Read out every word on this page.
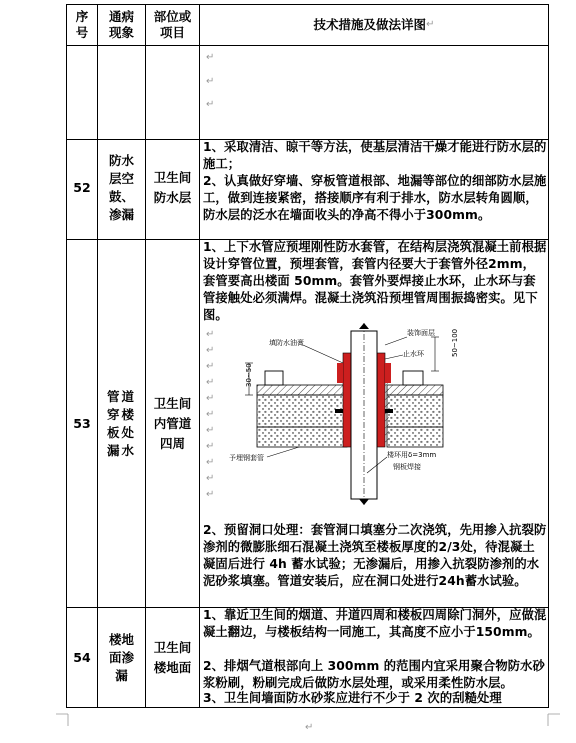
序号
通病现象
部位或项目
技术措施及做法详图 ↵
↵
↵
↵
52
防水层空鼓、渗漏
卫生间防水层
1、采取清洁、晾干等方法，使基层清洁干燥才能进行防水层的施工；
2、认真做好穿墙、穿板管道根部、地漏等部位的细部防水层施工，做到连接紧密，搭接顺序有利于排水，防水层转角圆顺，防水层的泛水在墙面收头的净高不得小于300mm。
53
管道穿楼板处漏水
卫生间内管道四周
1、上下水管应预埋刚性防水套管，在结构层浇筑混凝土前根据设计穿管位置，预埋套管，套管内径要大于套管外径2mm，套管要高出楼面 50mm。套管外要焊接止水环，止水环与套管接触处必须满焊。混凝土浇筑沿预埋管周围振捣密实。见下图。
↵
↵
↵
↵
↵
↵
↵
↵
↵
↵
↵
填防水油膏
装饰面层
止水环
楼环用δ=3mm
钢板焊接
予埋钢套管
50~100
30~50
2、预留洞口处理：套管洞口填塞分二次浇筑，先用掺入抗裂防渗剂的微膨胀细石混凝土浇筑至楼板厚度的2/3处，待混凝土凝固后进行 4h 蓄水试验；无渗漏后，用掺入抗裂防渗剂的水泥砂浆填塞。管道安装后，应在洞口处进行24h蓄水试验。
54
楼地面渗漏
卫生间楼地面
1、靠近卫生间的烟道、井道四周和楼板四周除门洞外，应做混凝土翻边，与楼板结构一同施工，其高度不应小于150mm。
2、排烟气道根部向上 300mm 的范围内宜采用聚合物防水砂浆粉刷，粉刷完成后做防水层处理，或采用柔性防水层。
3、卫生间墙面防水砂浆应进行不少于 2 次的刮糙处理
↵
